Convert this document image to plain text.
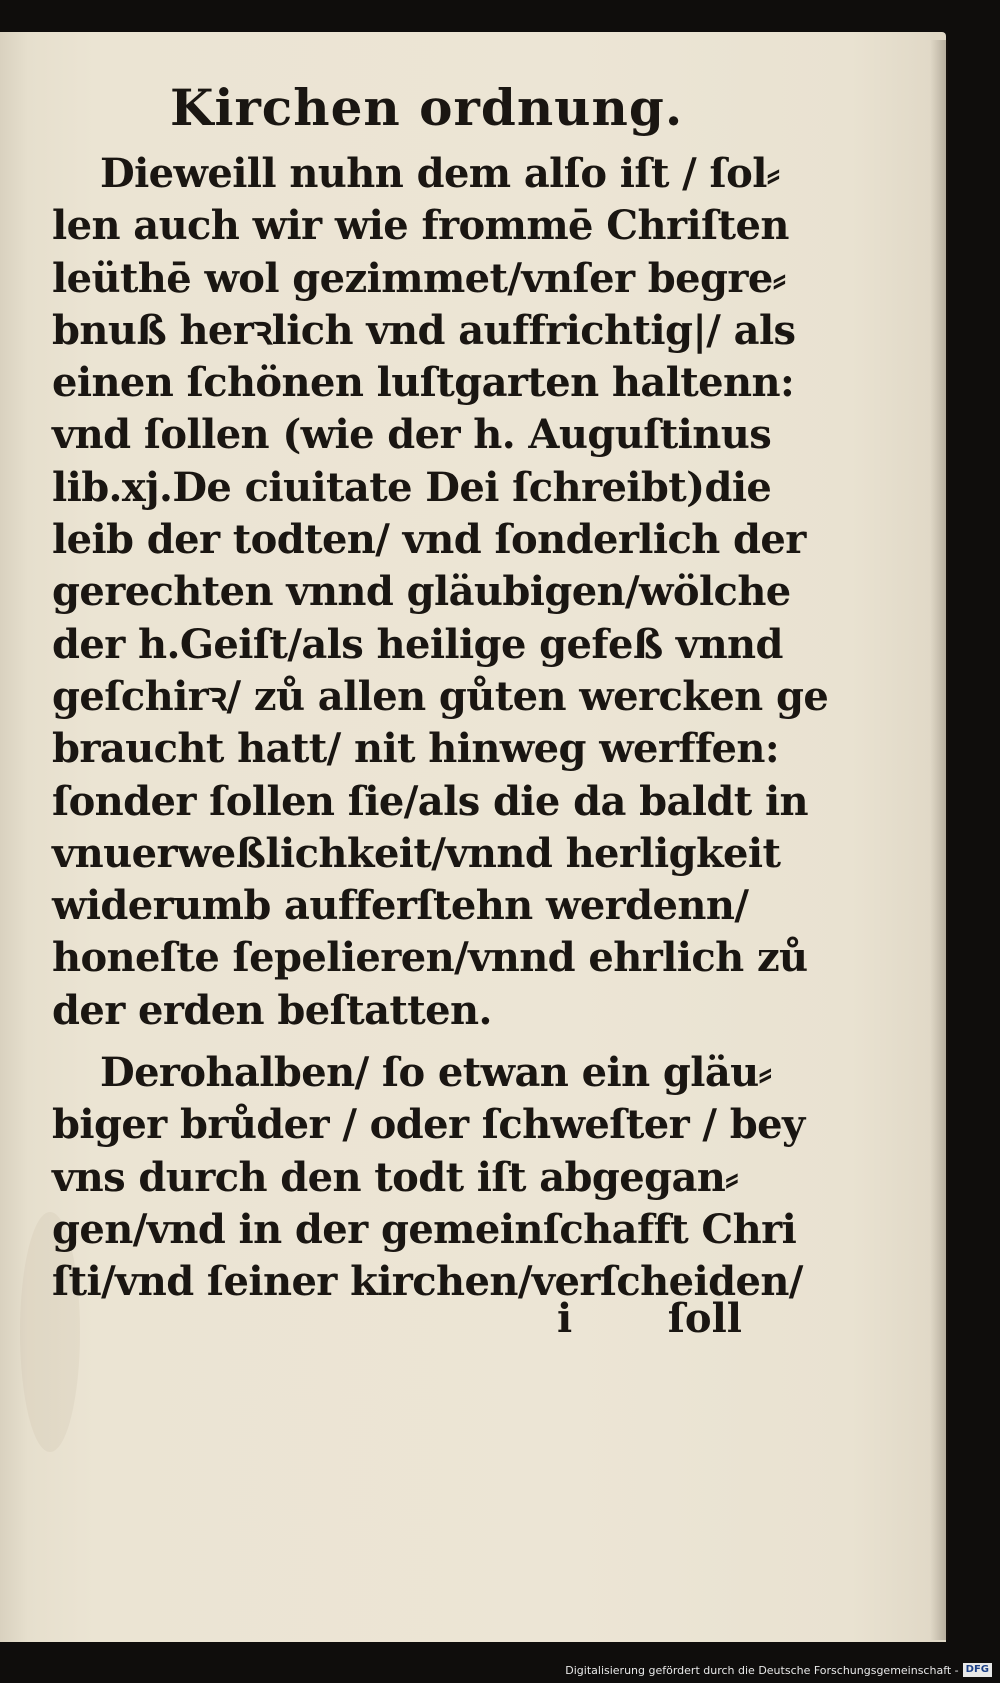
Kirchen ordnung.
Dieweill nuhn dem alſo iſt / ſol⸗
len auch wir wie frommē Chriſten
leüthē wol gezimmet/vnſer begre⸗
bnuß herꝛlich vnd auffrichtig|/ als
einen ſchönen luſtgarten haltenn:
vnd ſollen (wie der h. Auguſtinus
lib.xj.De ciuitate Dei ſchreibt)die
leib der todten/ vnd ſonderlich der
gerechten vnnd gläubigen/wölche
der h.Geiſt/als heilige gefeß vnnd
geſchirꝛ/ zů allen gůten wercken ge
braucht hatt/ nit hinweg werffen:
ſonder ſollen ſie/als die da baldt in
vnuerweßlichkeit/vnnd herligkeit
widerumb aufferſtehn werdenn/
honeſte ſepelieren/vnnd ehrlich zů
der erden beſtatten.
Derohalben/ ſo etwan ein gläu⸗
biger brůder / oder ſchweſter / bey
vns durch den todt iſt abgegan⸗
gen/vnd in der gemeinſchafft Chri
ſti/vnd ſeiner kirchen/verſcheiden/
i ſoll
Digitalisierung gefördert durch die Deutsche Forschungsgemeinschaft - DFG
